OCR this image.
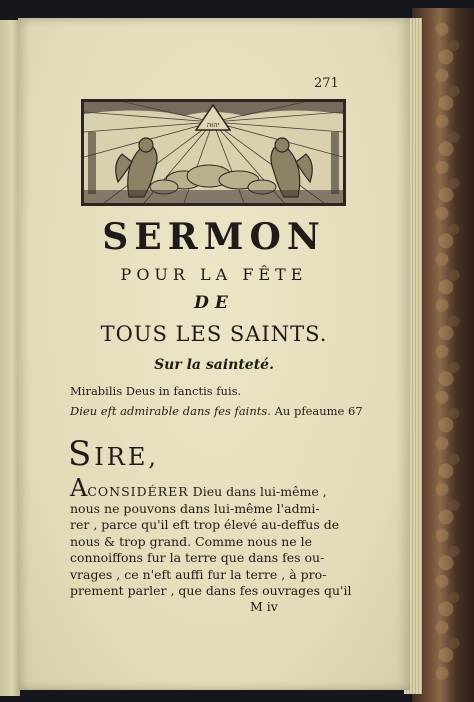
271
יהוה
SERMON
POUR LA FÊTE
DE
TOUS LES SAINTS.
Sur la sainteté.
Mirabilis Deus in fanctis fuis.
Dieu eft admirable dans fes faints. Au pfeaume 67
SIRE,
ACONSIDÉRER Dieu dans lui-même ,
nous ne pouvons dans lui-même l'admi-
rer , parce qu'il eft trop élevé au-deffus de
nous & trop grand. Comme nous ne le
connoiffons fur la terre que dans fes ou-
vrages , ce n'eft auffi fur la terre , à pro-
prement parler , que dans fes ouvrages qu'il
M iv
